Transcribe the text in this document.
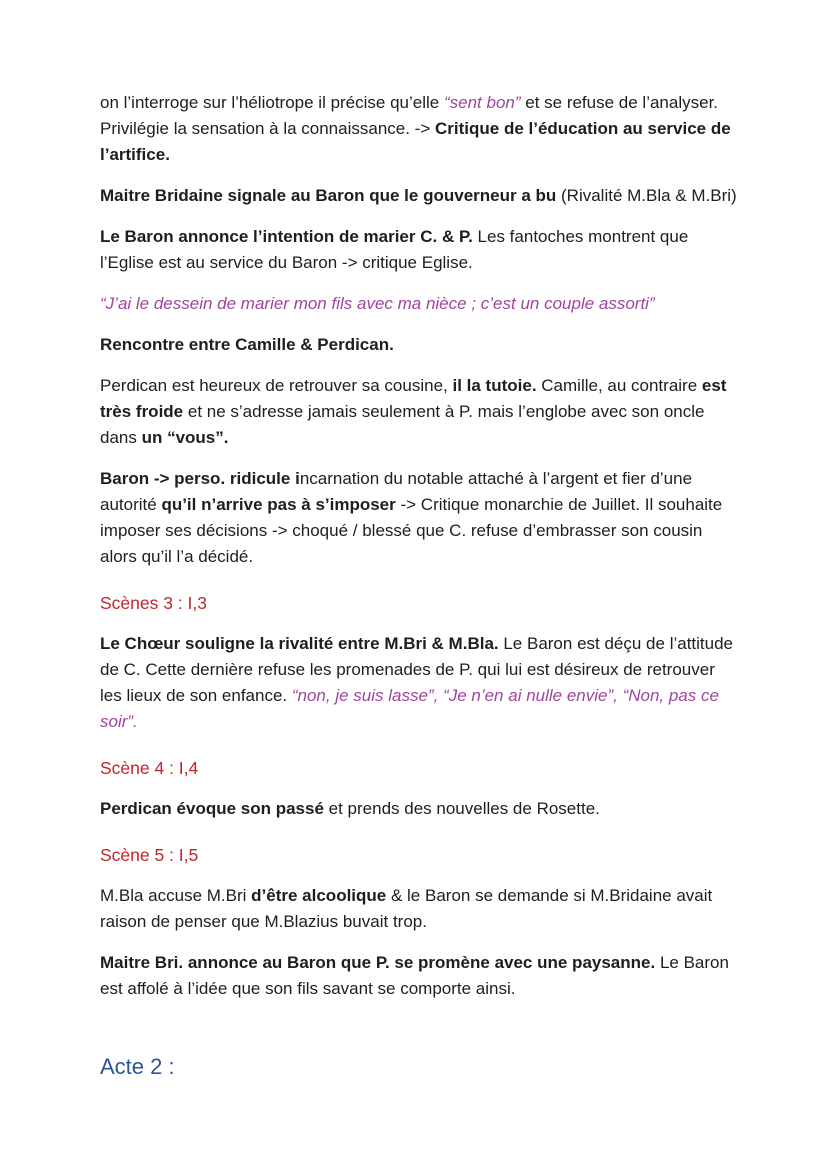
on l’interroge sur l’héliotrope il précise qu’elle “sent bon” et se refuse de l’analyser. Privilégie la sensation à la connaissance. -> Critique de l’éducation au service de l’artifice.

Maitre Bridaine signale au Baron que le gouverneur a bu (Rivalité M.Bla & M.Bri)

Le Baron annonce l’intention de marier C. & P. Les fantoches montrent que l’Eglise est au service du Baron -> critique Eglise.

“J’ai le dessein de marier mon fils avec ma nièce ; c’est un couple assorti”

Rencontre entre Camille & Perdican.

Perdican est heureux de retrouver sa cousine, il la tutoie. Camille, au contraire est très froide et ne s’adresse jamais seulement à P. mais l’englobe avec son oncle dans un “vous”.

Baron -> perso. ridicule incarnation du notable attaché à l’argent et fier d’une autorité qu’il n’arrive pas à s’imposer -> Critique monarchie de Juillet. Il souhaite imposer ses décisions -> choqué / blessé que C. refuse d’embrasser son cousin alors qu’il l’a décidé.

Scènes 3 : I,3

Le Chœur souligne la rivalité entre M.Bri & M.Bla. Le Baron est déçu de l’attitude de C. Cette dernière refuse les promenades de P. qui lui est désireux de retrouver les lieux de son enfance. “non, je suis lasse”, “Je n’en ai nulle envie”, “Non, pas ce soir”.

Scène 4 : I,4

Perdican évoque son passé et prends des nouvelles de Rosette.

Scène 5 : I,5

M.Bla accuse M.Bri d’être alcoolique & le Baron se demande si M.Bridaine avait raison de penser que M.Blazius buvait trop.

Maitre Bri. annonce au Baron que P. se promène avec une paysanne. Le Baron est affolé à l’idée que son fils savant se comporte ainsi.

Acte 2 :
